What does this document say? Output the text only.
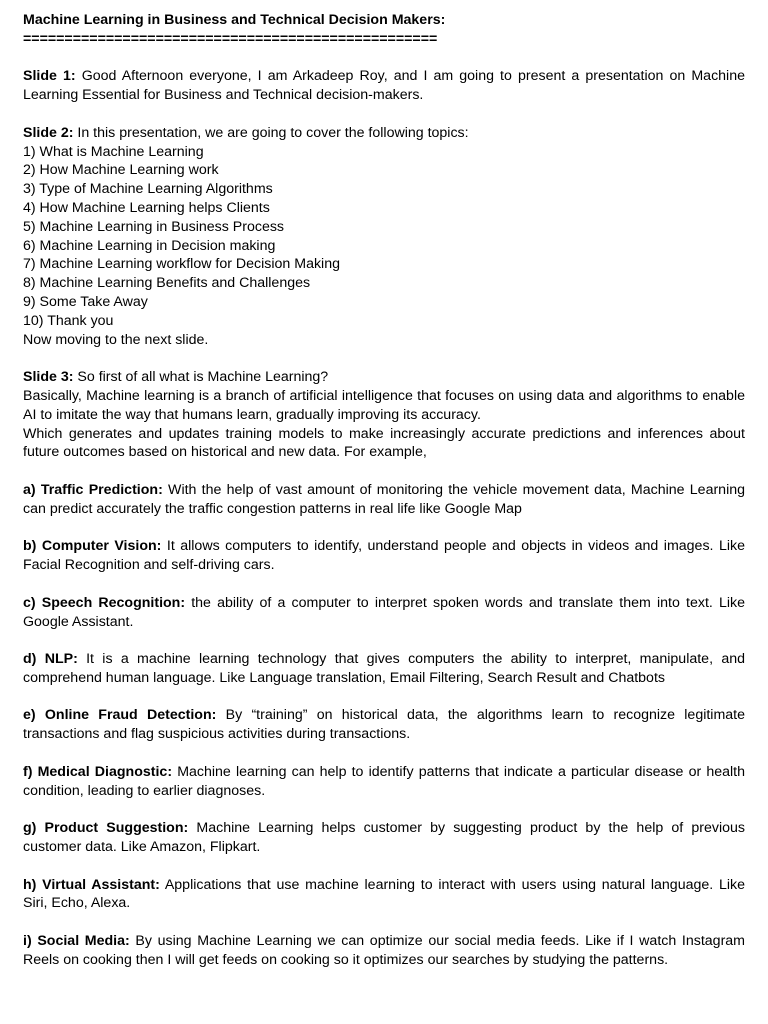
Machine Learning in Business and Technical Decision Makers:

==================================================

Slide 1: Good Afternoon everyone, I am Arkadeep Roy, and I am going to present a presentation on Machine Learning Essential for Business and Technical decision-makers.

Slide 2: In this presentation, we are going to cover the following topics:

1) What is Machine Learning

2) How Machine Learning work

3) Type of Machine Learning Algorithms

4) How Machine Learning helps Clients

5) Machine Learning in Business Process

6) Machine Learning in Decision making

7) Machine Learning workflow for Decision Making

8) Machine Learning Benefits and Challenges

9) Some Take Away

10) Thank you

Now moving to the next slide.

Slide 3: So first of all what is Machine Learning?

Basically, Machine learning is a branch of artificial intelligence that focuses on using data and algorithms to enable AI to imitate the way that humans learn, gradually improving its accuracy.

Which generates and updates training models to make increasingly accurate predictions and inferences about future outcomes based on historical and new data. For example,

a) Traffic Prediction: With the help of vast amount of monitoring the vehicle movement data, Machine Learning can predict accurately the traffic congestion patterns in real life like Google Map

b) Computer Vision: It allows computers to identify, understand people and objects in videos and images. Like Facial Recognition and self-driving cars.

c) Speech Recognition: the ability of a computer to interpret spoken words and translate them into text. Like Google Assistant.

d) NLP: It is a machine learning technology that gives computers the ability to interpret, manipulate, and comprehend human language. Like Language translation, Email Filtering, Search Result and Chatbots

e) Online Fraud Detection: By “training” on historical data, the algorithms learn to recognize legitimate transactions and flag suspicious activities during transactions.

f) Medical Diagnostic: Machine learning can help to identify patterns that indicate a particular disease or health condition, leading to earlier diagnoses.

g) Product Suggestion: Machine Learning helps customer by suggesting product by the help of previous customer data. Like Amazon, Flipkart.

h) Virtual Assistant: Applications that use machine learning to interact with users using natural language. Like Siri, Echo, Alexa.

i) Social Media: By using Machine Learning we can optimize our social media feeds. Like if I watch Instagram Reels on cooking then I will get feeds on cooking so it optimizes our searches by studying the patterns.
